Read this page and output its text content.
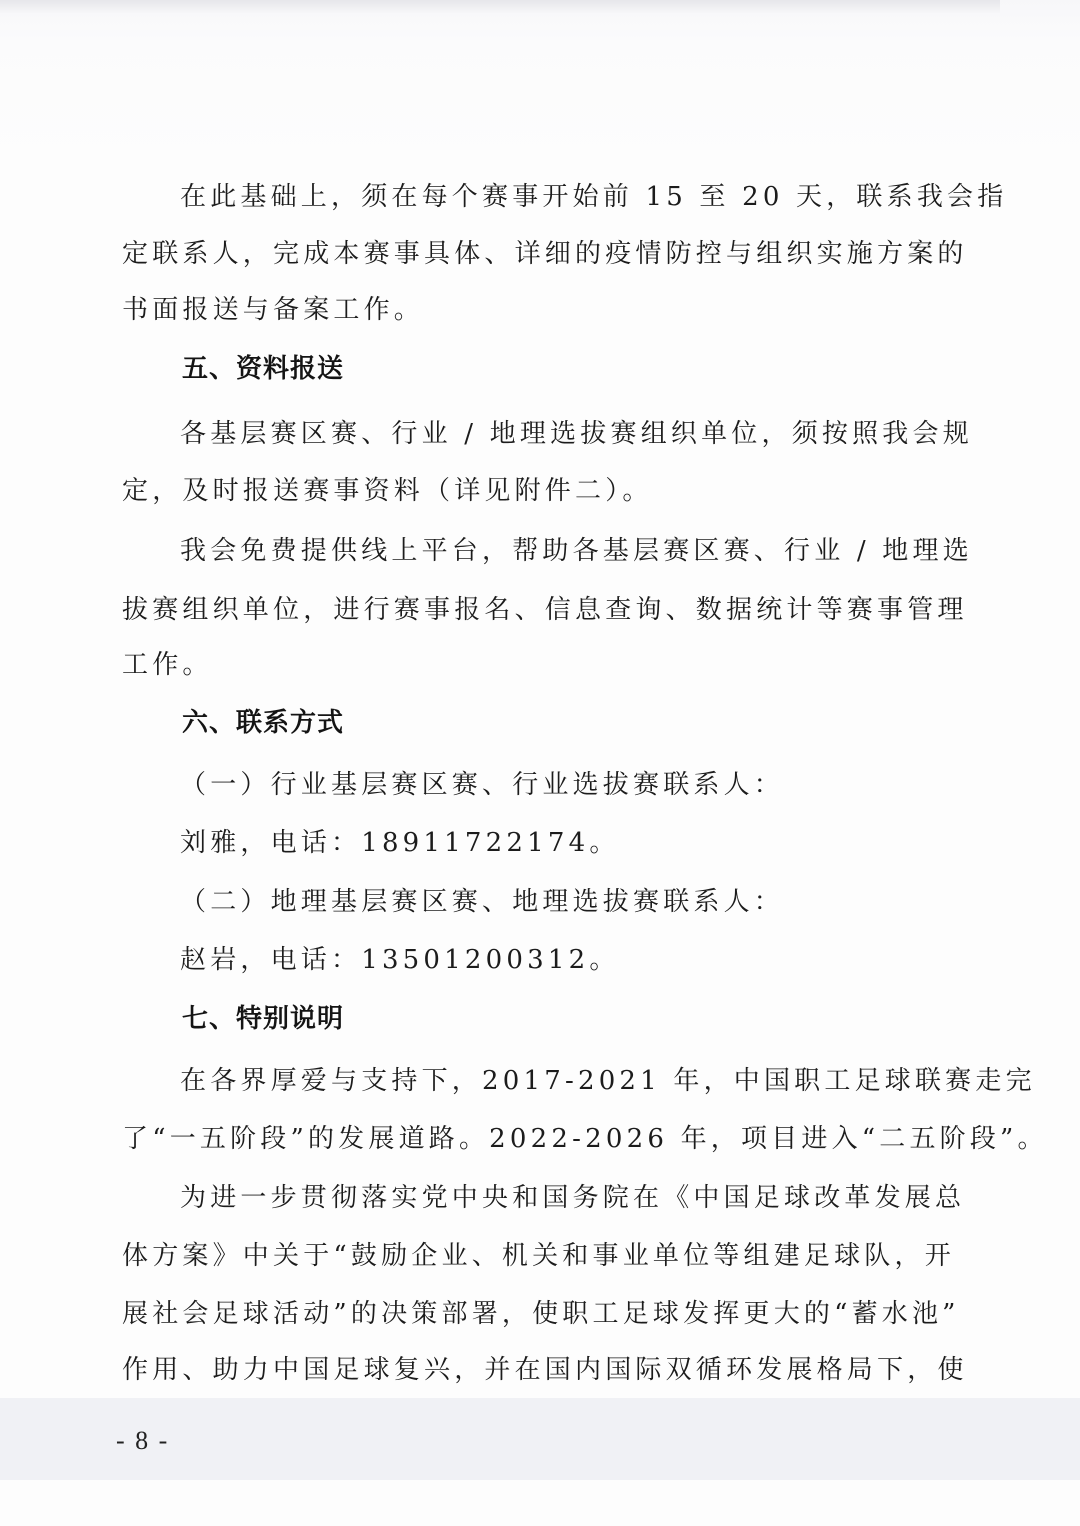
在此基础上，须在每个赛事开始前 15 至 20 天，联系我会指
定联系人，完成本赛事具体、详细的疫情防控与组织实施方案的
书面报送与备案工作。
五、资料报送
各基层赛区赛、行业 / 地理选拔赛组织单位，须按照我会规
定，及时报送赛事资料（详见附件二）。
我会免费提供线上平台，帮助各基层赛区赛、行业 / 地理选
拔赛组织单位，进行赛事报名、信息查询、数据统计等赛事管理
工作。
六、联系方式
（一）行业基层赛区赛、行业选拔赛联系人：
刘雅，电话：18911722174。
（二）地理基层赛区赛、地理选拔赛联系人：
赵岩，电话：13501200312。
七、特别说明
在各界厚爱与支持下，2017-2021 年，中国职工足球联赛走完
了“一五阶段”的发展道路。2022-2026 年，项目进入“二五阶段”。
为进一步贯彻落实党中央和国务院在《中国足球改革发展总
体方案》中关于“鼓励企业、机关和事业单位等组建足球队，开
展社会足球活动”的决策部署，使职工足球发挥更大的“蓄水池”
作用、助力中国足球复兴，并在国内国际双循环发展格局下，使
- 8 -
